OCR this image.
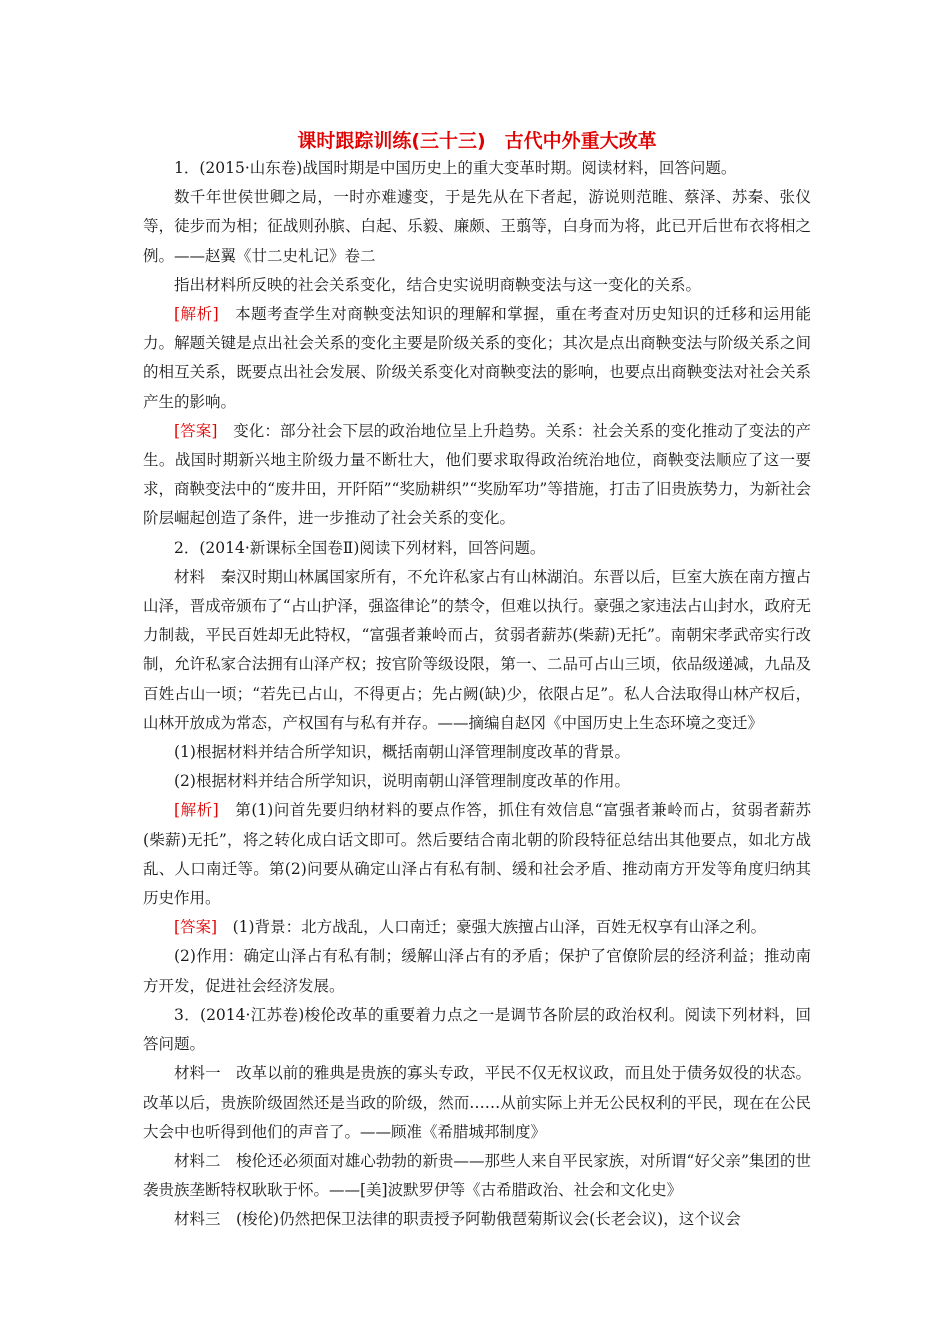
课时跟踪训练(三十三)　古代中外重大改革

1．(2015·山东卷)战国时期是中国历史上的重大变革时期。阅读材料，回答问题。

数千年世侯世卿之局，一时亦难遽变，于是先从在下者起，游说则范睢、蔡泽、苏秦、张仪等，徒步而为相；征战则孙膑、白起、乐毅、廉颇、王翦等，白身而为将，此已开后世布衣将相之例。——赵翼《廿二史札记》卷二

指出材料所反映的社会关系变化，结合史实说明商鞅变法与这一变化的关系。

[解析]　本题考查学生对商鞅变法知识的理解和掌握，重在考查对历史知识的迁移和运用能力。解题关键是点出社会关系的变化主要是阶级关系的变化；其次是点出商鞅变法与阶级关系之间的相互关系，既要点出社会发展、阶级关系变化对商鞅变法的影响，也要点出商鞅变法对社会关系产生的影响。

[答案]　变化：部分社会下层的政治地位呈上升趋势。关系：社会关系的变化推动了变法的产生。战国时期新兴地主阶级力量不断壮大，他们要求取得政治统治地位，商鞅变法顺应了这一要求，商鞅变法中的“废井田，开阡陌”“奖励耕织”“奖励军功”等措施，打击了旧贵族势力，为新社会阶层崛起创造了条件，进一步推动了社会关系的变化。

2．(2014·新课标全国卷Ⅱ)阅读下列材料，回答问题。

材料　秦汉时期山林属国家所有，不允许私家占有山林湖泊。东晋以后，巨室大族在南方擅占山泽，晋成帝颁布了“占山护泽，强盗律论”的禁令，但难以执行。豪强之家违法占山封水，政府无力制裁，平民百姓却无此特权，“富强者兼岭而占，贫弱者薪苏(柴薪)无托”。南朝宋孝武帝实行改制，允许私家合法拥有山泽产权；按官阶等级设限，第一、二品可占山三顷，依品级递减，九品及百姓占山一顷；“若先已占山，不得更占；先占阙(缺)少，依限占足”。私人合法取得山林产权后，山林开放成为常态，产权国有与私有并存。——摘编自赵冈《中国历史上生态环境之变迁》

(1)根据材料并结合所学知识，概括南朝山泽管理制度改革的背景。

(2)根据材料并结合所学知识，说明南朝山泽管理制度改革的作用。

[解析]　第(1)问首先要归纳材料的要点作答，抓住有效信息“富强者兼岭而占，贫弱者薪苏(柴薪)无托”，将之转化成白话文即可。然后要结合南北朝的阶段特征总结出其他要点，如北方战乱、人口南迁等。第(2)问要从确定山泽占有私有制、缓和社会矛盾、推动南方开发等角度归纳其历史作用。

[答案]　(1)背景：北方战乱，人口南迁；豪强大族擅占山泽，百姓无权享有山泽之利。

(2)作用：确定山泽占有私有制；缓解山泽占有的矛盾；保护了官僚阶层的经济利益；推动南方开发，促进社会经济发展。

3．(2014·江苏卷)梭伦改革的重要着力点之一是调节各阶层的政治权利。阅读下列材料，回答问题。

材料一　改革以前的雅典是贵族的寡头专政，平民不仅无权议政，而且处于债务奴役的状态。改革以后，贵族阶级固然还是当政的阶级，然而……从前实际上并无公民权利的平民，现在在公民大会中也听得到他们的声音了。——顾准《希腊城邦制度》

材料二　梭伦还必须面对雄心勃勃的新贵——那些人来自平民家族，对所谓“好父亲”集团的世袭贵族垄断特权耿耿于怀。——[美]波默罗伊等《古希腊政治、社会和文化史》

材料三　(梭伦)仍然把保卫法律的职责授予阿勒俄琶菊斯议会(长老会议)，这个议会
